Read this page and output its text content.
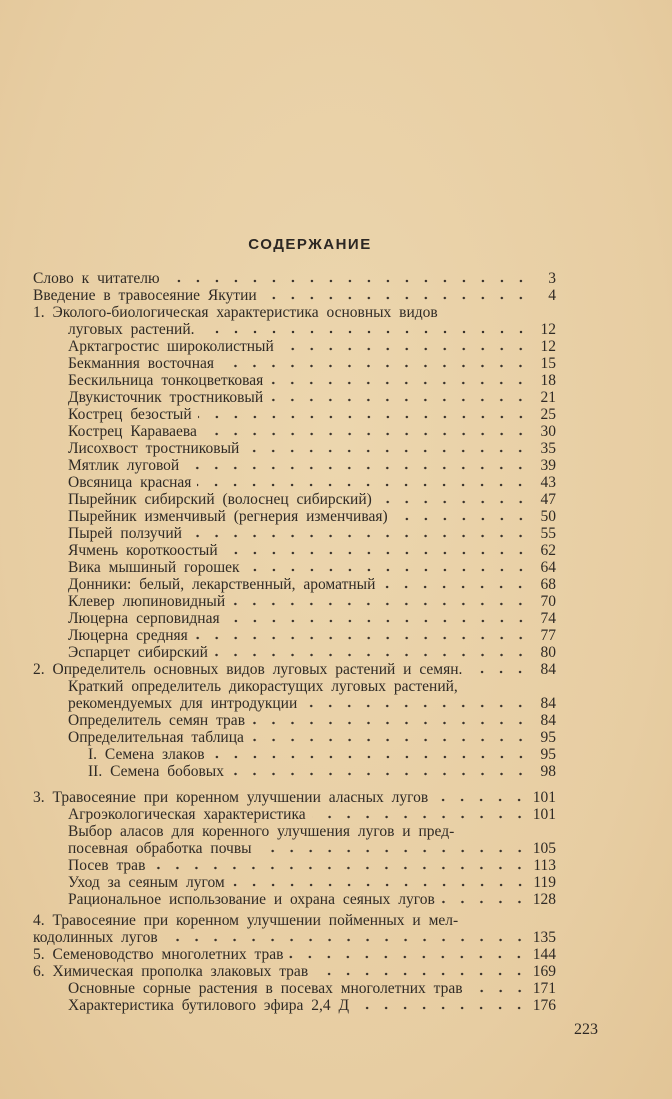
СОДЕРЖАНИЕ
Слово к читателю	3
Введение в травосеяние Якутии	4
1. Эколого-биологическая характеристика основных видов
луговых растений.	12
Арктагростис широколистный	12
Бекманния восточная	15
Бескильница тонкоцветковая	18
Двукисточник тростниковый	21
Кострец безостый	25
Кострец Караваева	30
Лисохвост тростниковый	35
Мятлик луговой	39
Овсяница красная	43
Пырейник сибирский (волоснец сибирский)	47
Пырейник изменчивый (регнерия изменчивая)	50
Пырей ползучий	55
Ячмень короткоостый	62
Вика мышиный горошек	64
Донники: белый, лекарственный, ароматный	68
Клевер люпиновидный	70
Люцерна серповидная	74
Люцерна средняя	77
Эспарцет сибирский	80
2. Определитель основных видов луговых растений и семян.	84
Краткий определитель дикорастущих луговых растений,
рекомендуемых для интродукции	84
Определитель семян трав	84
Определительная таблица	95
I. Семена злаков	95
II. Семена бобовых	98
3. Травосеяние при коренном улучшении аласных лугов	101
Агроэкологическая характеристика	101
Выбор аласов для коренного улучшения лугов и пред-
посевная обработка почвы	105
Посев трав	113
Уход за сеяным лугом	119
Рациональное использование и охрана сеяных лугов	128
4. Травосеяние при коренном улучшении пойменных и мел-
кодолинных лугов	135
5. Семеноводство многолетних трав	144
6. Химическая прополка злаковых трав	169
Основные сорные растения в посевах многолетних трав	171
Характеристика бутилового эфира 2,4 Д	176
223
